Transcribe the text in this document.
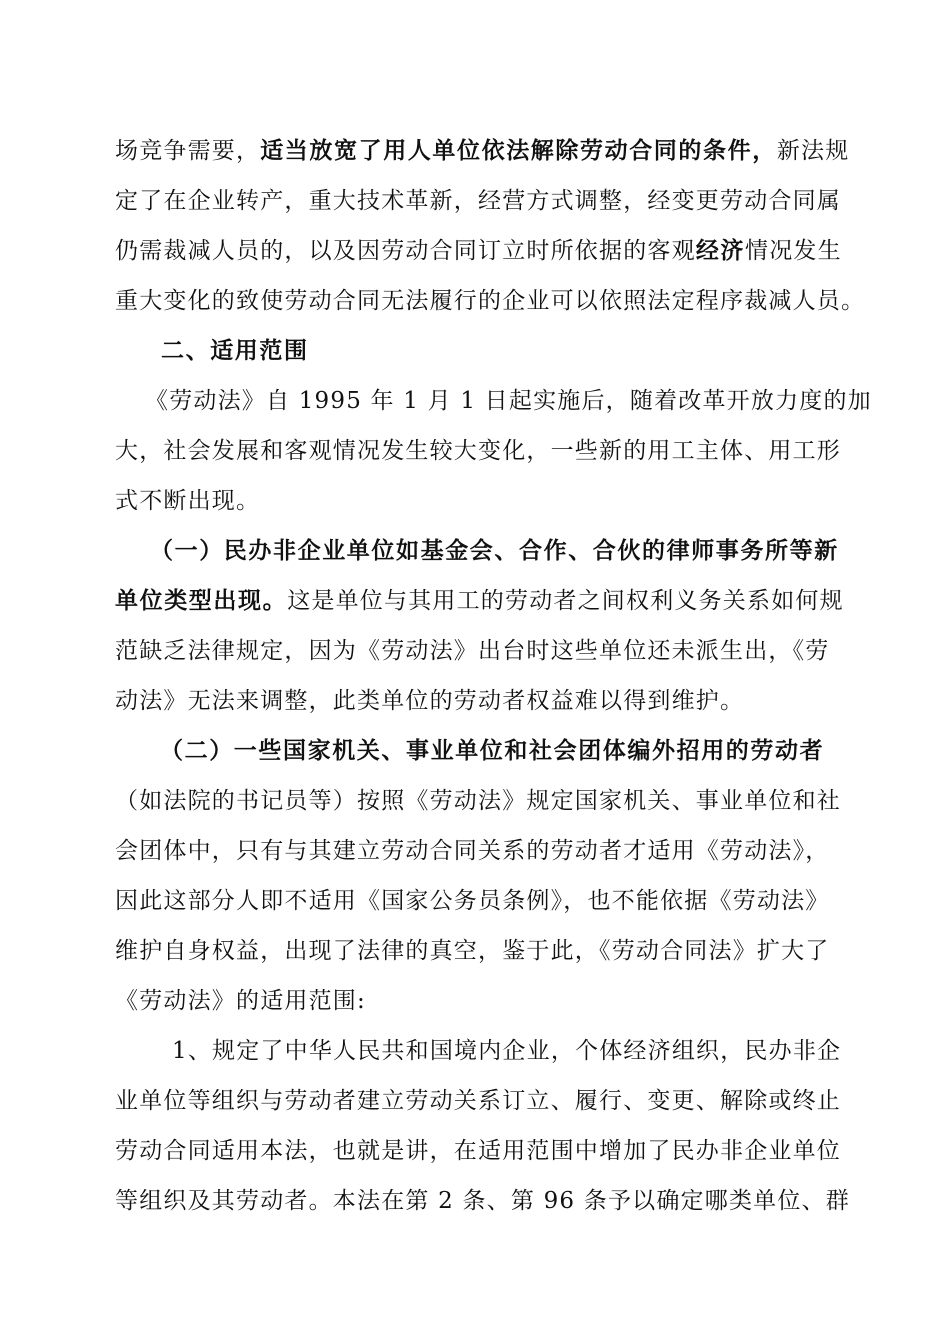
场竞争需要，适当放宽了用人单位依法解除劳动合同的条件，新法规
定了在企业转产，重大技术革新，经营方式调整，经变更劳动合同属
仍需裁减人员的，以及因劳动合同订立时所依据的客观经济情况发生
重大变化的致使劳动合同无法履行的企业可以依照法定程序裁减人员。
二、适用范围
《劳动法》自 1995 年 1 月 1 日起实施后，随着改革开放力度的加
大，社会发展和客观情况发生较大变化，一些新的用工主体、用工形
式不断出现。
（一）民办非企业单位如基金会、合作、合伙的律师事务所等新
单位类型出现。这是单位与其用工的劳动者之间权利义务关系如何规
范缺乏法律规定，因为《劳动法》出台时这些单位还未派生出，《劳
动法》无法来调整，此类单位的劳动者权益难以得到维护。
（二）一些国家机关、事业单位和社会团体编外招用的劳动者
（如法院的书记员等）按照《劳动法》规定国家机关、事业单位和社
会团体中，只有与其建立劳动合同关系的劳动者才适用《劳动法》，
因此这部分人即不适用《国家公务员条例》，也不能依据《劳动法》
维护自身权益，出现了法律的真空，鉴于此，《劳动合同法》扩大了
《劳动法》的适用范围:
1、规定了中华人民共和国境内企业，个体经济组织，民办非企
业单位等组织与劳动者建立劳动关系订立、履行、变更、解除或终止
劳动合同适用本法，也就是讲，在适用范围中增加了民办非企业单位
等组织及其劳动者。本法在第 2 条、第 96 条予以确定哪类单位、群
